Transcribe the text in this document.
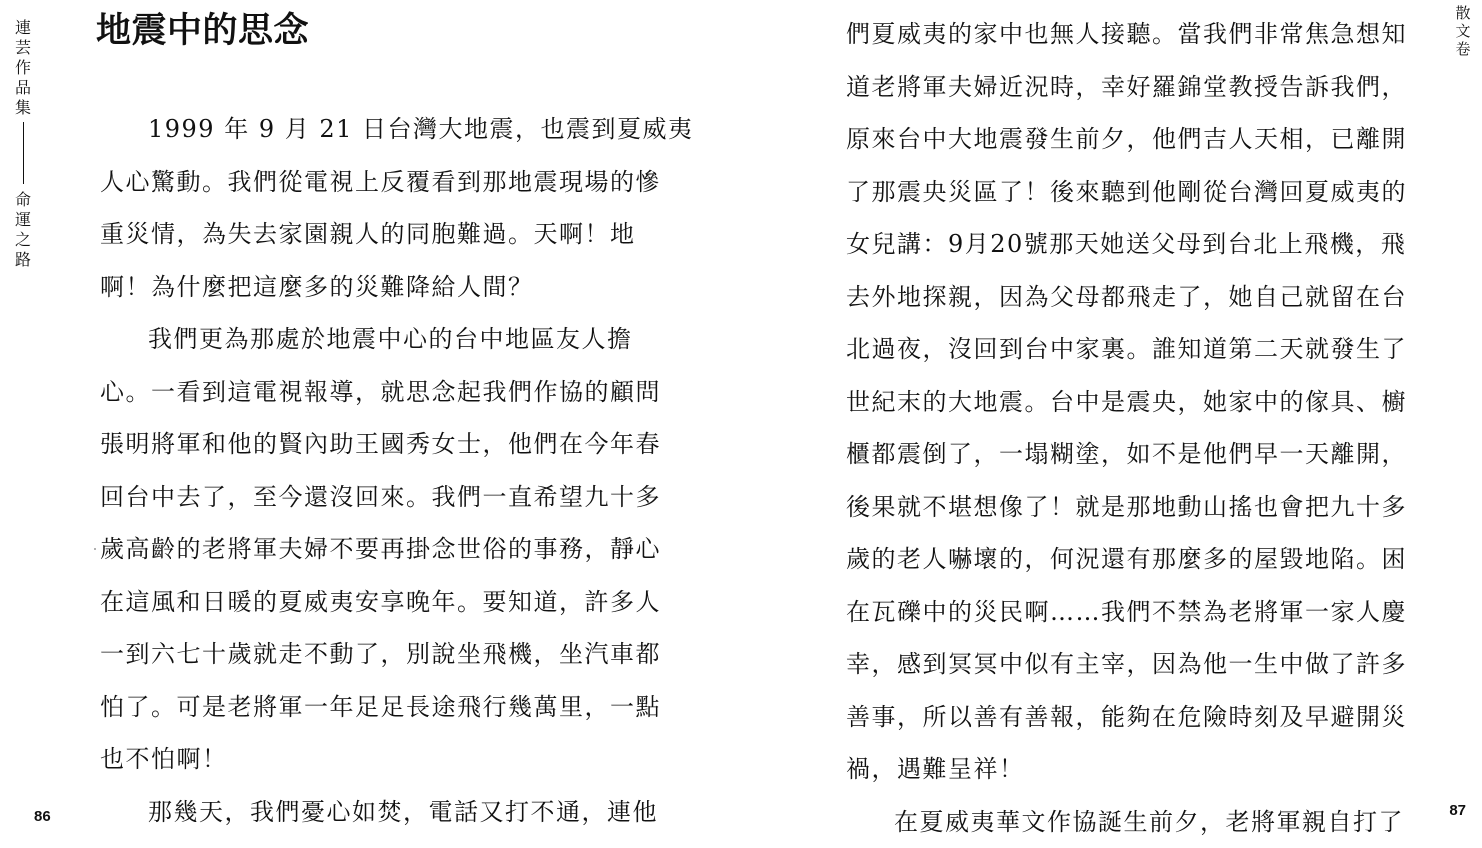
連
芸
作
品
集
命
運
之
路
地震中的思念
1999 年 9 月 21 日台灣大地震，也震到夏威夷
人心驚動。我們從電視上反覆看到那地震現場的慘
重災情，為失去家園親人的同胞難過。天啊！地
啊！為什麼把這麼多的災難降給人間？
我們更為那處於地震中心的台中地區友人擔
心。一看到這電視報導，就思念起我們作協的顧問
張明將軍和他的賢內助王國秀女士，他們在今年春
回台中去了，至今還沒回來。我們一直希望九十多
歲高齡的老將軍夫婦不要再掛念世俗的事務，靜心
在這風和日暖的夏威夷安享晚年。要知道，許多人
一到六七十歲就走不動了，別說坐飛機，坐汽車都
怕了。可是老將軍一年足足長途飛行幾萬里，一點
也不怕啊！
那幾天，我們憂心如焚，電話又打不通，連他
86
散
文
卷
87
們夏威夷的家中也無人接聽。當我們非常焦急想知
道老將軍夫婦近況時，幸好羅錦堂教授告訴我們，
原來台中大地震發生前夕，他們吉人天相，已離開
了那震央災區了！後來聽到他剛從台灣回夏威夷的
女兒講：9月20號那天她送父母到台北上飛機，飛
去外地探親，因為父母都飛走了，她自己就留在台
北過夜，沒回到台中家裏。誰知道第二天就發生了
世紀末的大地震。台中是震央，她家中的傢具、櫥
櫃都震倒了，一塌糊塗，如不是他們早一天離開，
後果就不堪想像了！就是那地動山搖也會把九十多
歲的老人嚇壞的，何況還有那麼多的屋毀地陷。困
在瓦礫中的災民啊……我們不禁為老將軍一家人慶
幸，感到冥冥中似有主宰，因為他一生中做了許多
善事，所以善有善報，能夠在危險時刻及早避開災
禍，遇難呈祥！
在夏威夷華文作協誕生前夕，老將軍親自打了
